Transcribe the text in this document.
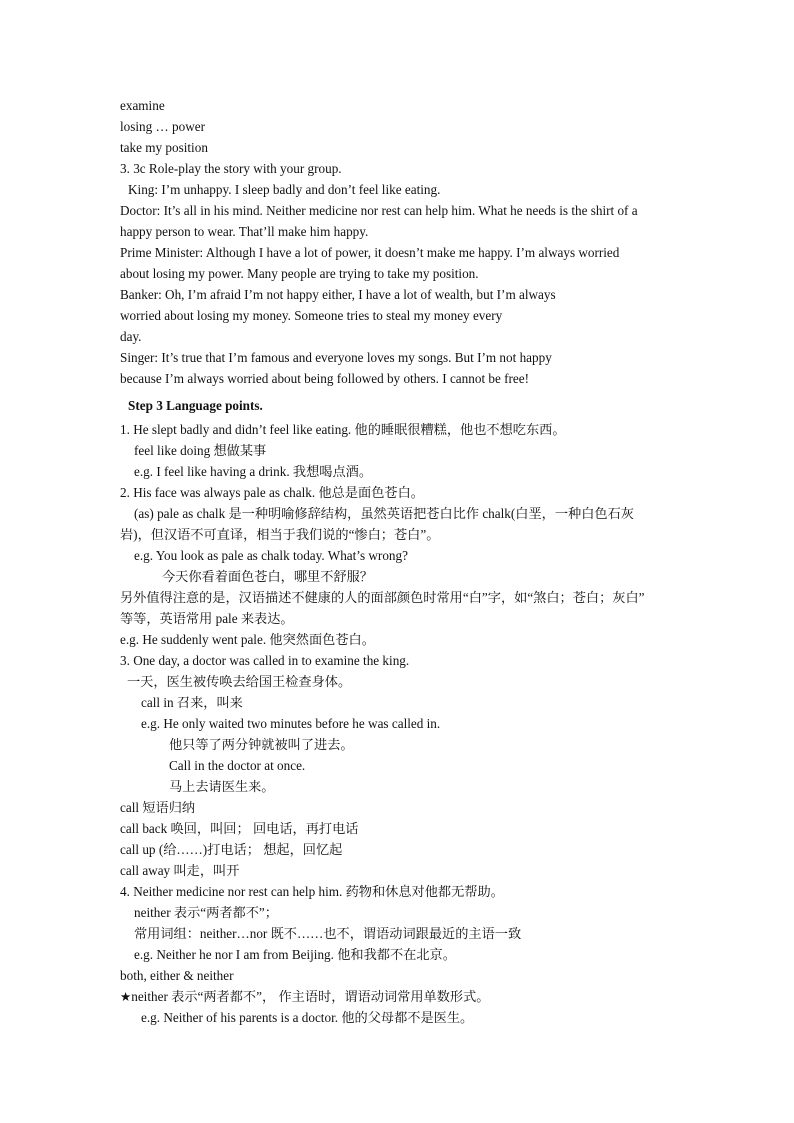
examine
losing … power
take my position
3. 3c Role-play the story with your group.
King: I’m unhappy. I sleep badly and don’t feel like eating.
Doctor: It’s all in his mind. Neither medicine nor rest can help him. What he needs is the shirt of a
happy person to wear. That’ll make him happy.
Prime Minister: Although I have a lot of power, it doesn’t make me happy. I’m always worried
about losing my power. Many people are trying to take my position.
Banker: Oh, I’m afraid I’m not happy either, I have a lot of wealth, but I’m always
worried about losing my money. Someone tries to steal my money every
day.
Singer: It’s true that I’m famous and everyone loves my songs. But I’m not happy
because I’m always worried about being followed by others. I cannot be free!
Step 3 Language points.
1. He slept badly and didn’t feel like eating. 他的睡眠很糟糕，他也不想吃东西。
feel like doing 想做某事
e.g. I feel like having a drink. 我想喝点酒。
2. His face was always pale as chalk. 他总是面色苍白。
(as) pale as chalk 是一种明喻修辞结构，虽然英语把苍白比作 chalk(白垩，一种白色石灰
岩)，但汉语不可直译，相当于我们说的“惨白；苍白”。
e.g. You look as pale as chalk today. What’s wrong?
今天你看着面色苍白，哪里不舒服？
另外值得注意的是，汉语描述不健康的人的面部颜色时常用“白”字，如“煞白；苍白；灰白”
等等，英语常用 pale 来表达。
e.g. He suddenly went pale. 他突然面色苍白。
3. One day, a doctor was called in to examine the king.
一天，医生被传唤去给国王检查身体。
call in 召来，叫来
e.g. He only waited two minutes before he was called in.
他只等了两分钟就被叫了进去。
Call in the doctor at once.
马上去请医生来。
call 短语归纳
call back 唤回，叫回； 回电话，再打电话
call up (给……)打电话； 想起，回忆起
call away 叫走，叫开
4. Neither medicine nor rest can help him. 药物和休息对他都无帮助。
neither 表示“两者都不”；
常用词组：neither…nor 既不……也不，谓语动词跟最近的主语一致
e.g. Neither he nor I am from Beijing. 他和我都不在北京。
both, either & neither
★neither 表示“两者都不”， 作主语时，谓语动词常用单数形式。
e.g. Neither of his parents is a doctor. 他的父母都不是医生。
